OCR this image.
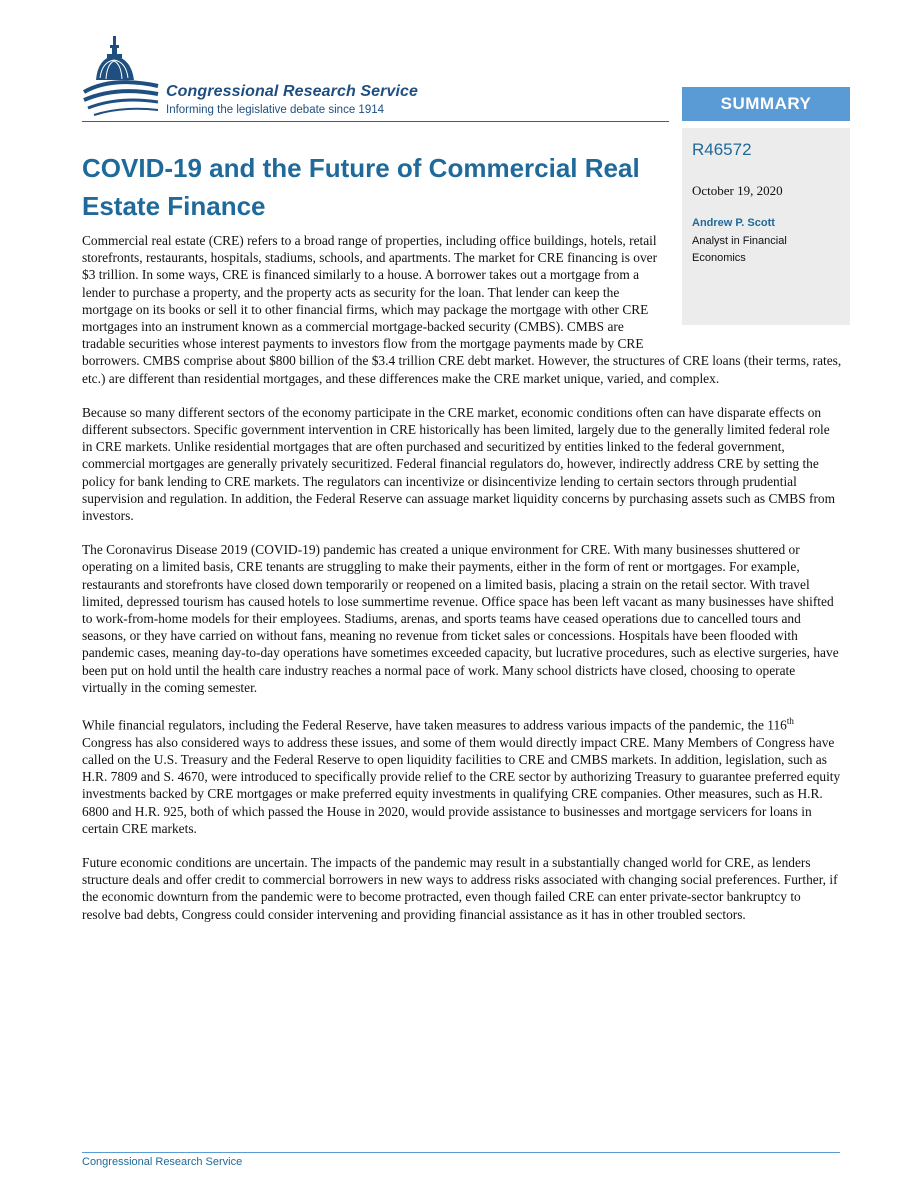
Congressional Research Service
Informing the legislative debate since 1914	SUMMARY
R46572
October 19, 2020
Andrew P. Scott
Analyst in Financial Economics
COVID-19 and the Future of Commercial Real Estate Finance

Commercial real estate (CRE) refers to a broad range of properties, including office buildings, hotels, retail storefronts, restaurants, hospitals, stadiums, schools, and apartments. The market for CRE financing is over $3 trillion. In some ways, CRE is financed similarly to a house. A borrower takes out a mortgage from a lender to purchase a property, and the property acts as security for the loan. That lender can keep the mortgage on its books or sell it to other financial firms, which may package the mortgage with other CRE mortgages into an instrument known as a commercial mortgage-backed security (CMBS). CMBS are tradable securities whose interest payments to investors flow from the mortgage payments made by CRE borrowers. CMBS comprise about $800 billion of the $3.4 trillion CRE debt market. However, the structures of CRE loans (their terms, rates, etc.) are different than residential mortgages, and these differences make the CRE market unique, varied, and complex.

Because so many different sectors of the economy participate in the CRE market, economic conditions often can have disparate effects on different subsectors. Specific government intervention in CRE historically has been limited, largely due to the generally limited federal role in CRE markets. Unlike residential mortgages that are often purchased and securitized by entities linked to the federal government, commercial mortgages are generally privately securitized. Federal financial regulators do, however, indirectly address CRE by setting the policy for bank lending to CRE markets. The regulators can incentivize or disincentivize lending to certain sectors through prudential supervision and regulation. In addition, the Federal Reserve can assuage market liquidity concerns by purchasing assets such as CMBS from investors.

The Coronavirus Disease 2019 (COVID-19) pandemic has created a unique environment for CRE. With many businesses shuttered or operating on a limited basis, CRE tenants are struggling to make their payments, either in the form of rent or mortgages. For example, restaurants and storefronts have closed down temporarily or reopened on a limited basis, placing a strain on the retail sector. With travel limited, depressed tourism has caused hotels to lose summertime revenue. Office space has been left vacant as many businesses have shifted to work-from-home models for their employees. Stadiums, arenas, and sports teams have ceased operations due to cancelled tours and seasons, or they have carried on without fans, meaning no revenue from ticket sales or concessions. Hospitals have been flooded with pandemic cases, meaning day-to-day operations have sometimes exceeded capacity, but lucrative procedures, such as elective surgeries, have been put on hold until the health care industry reaches a normal pace of work. Many school districts have closed, choosing to operate virtually in the coming semester.

While financial regulators, including the Federal Reserve, have taken measures to address various impacts of the pandemic, the 116th Congress has also considered ways to address these issues, and some of them would directly impact CRE. Many Members of Congress have called on the U.S. Treasury and the Federal Reserve to open liquidity facilities to CRE and CMBS markets. In addition, legislation, such as H.R. 7809 and S. 4670, were introduced to specifically provide relief to the CRE sector by authorizing Treasury to guarantee preferred equity investments backed by CRE mortgages or make preferred equity investments in qualifying CRE companies. Other measures, such as H.R. 6800 and H.R. 925, both of which passed the House in 2020, would provide assistance to businesses and mortgage servicers for loans in certain CRE markets.

Future economic conditions are uncertain. The impacts of the pandemic may result in a substantially changed world for CRE, as lenders structure deals and offer credit to commercial borrowers in new ways to address risks associated with changing social preferences. Further, if the economic downturn from the pandemic were to become protracted, even though failed CRE can enter private-sector bankruptcy to resolve bad debts, Congress could consider intervening and providing financial assistance as it has in other troubled sectors.

Congressional Research Service
